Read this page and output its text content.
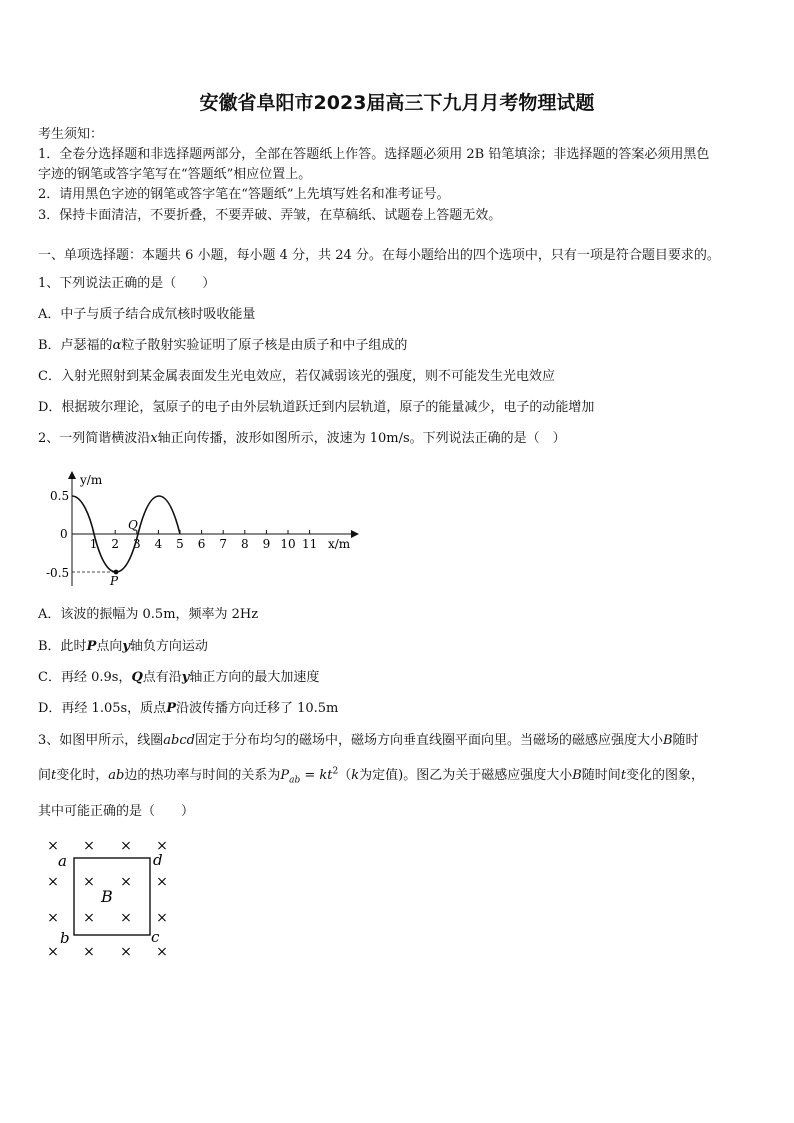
安徽省阜阳市2023届高三下九月月考物理试题
考生须知：
1．全卷分选择题和非选择题两部分，全部在答题纸上作答。选择题必须用 2B 铅笔填涂；非选择题的答案必须用黑色
字迹的钢笔或答字笔写在“答题纸”相应位置上。
2．请用黑色字迹的钢笔或答字笔在“答题纸”上先填写姓名和准考证号。
3．保持卡面清洁，不要折叠，不要弄破、弄皱，在草稿纸、试题卷上答题无效。
一、单项选择题：本题共 6 小题，每小题 4 分，共 24 分。在每小题给出的四个选项中，只有一项是符合题目要求的。
1、下列说法正确的是（　　）
A．中子与质子结合成氘核时吸收能量
B．卢瑟福的α粒子散射实验证明了原子核是由质子和中子组成的
C．入射光照射到某金属表面发生光电效应，若仅减弱该光的强度，则不可能发生光电效应
D．根据玻尔理论，氢原子的电子由外层轨道跃迁到内层轨道，原子的能量减少，电子的动能增加
2、一列简谐横波沿x轴正向传播，波形如图所示，波速为 10m/s。下列说法正确的是（　）
y/m
x/m
0.5
0
-0.5
1 2 3 4 5 6 7 8 9 10 11
P
Q
A．该波的振幅为 0.5m，频率为 2Hz
B．此时P点向y轴负方向运动
C．再经 0.9s，Q点有沿y轴正方向的最大加速度
D．再经 1.05s，质点P沿波传播方向迁移了 10.5m
3、如图甲所示，线圈abcd固定于分布均匀的磁场中，磁场方向垂直线圈平面向里。当磁场的磁感应强度大小B随时
间t变化时，ab边的热功率与时间的关系为$P_{ab} = kt^2(k$为定值)。图乙为关于磁感应强度大小B随时间t变化的图象，
其中可能正确的是（　　）
× × × ×
× × × ×
× × × ×
× × × ×
a	d
b	c
B
